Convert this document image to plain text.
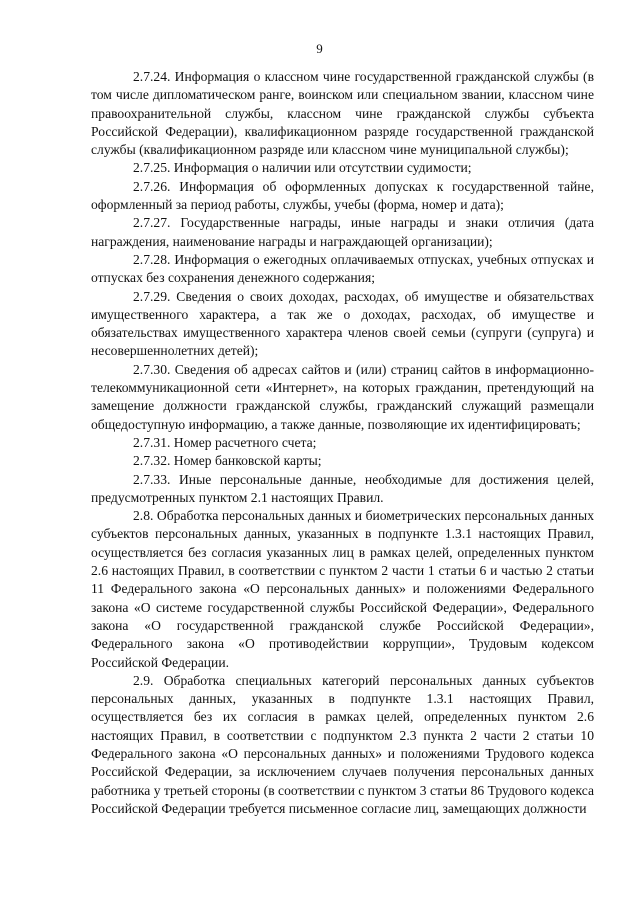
9

2.7.24. Информация о классном чине государственной гражданской службы (в том числе дипломатическом ранге, воинском или специальном звании, классном чине правоохранительной службы, классном чине гражданской службы субъекта Российской Федерации), квалификационном разряде государственной гражданской службы (квалификационном разряде или классном чине муниципальной службы);

2.7.25. Информация о наличии или отсутствии судимости;

2.7.26. Информация об оформленных допусках к государственной тайне, оформленный за период работы, службы, учебы (форма, номер и дата);

2.7.27. Государственные награды, иные награды и знаки отличия (дата награждения, наименование награды и награждающей организации);

2.7.28. Информация о ежегодных оплачиваемых отпусках, учебных отпусках и отпусках без сохранения денежного содержания;

2.7.29. Сведения о своих доходах, расходах, об имуществе и обязательствах имущественного характера, а так же о доходах, расходах, об имуществе и обязательствах имущественного характера членов своей семьи (супруги (супруга) и несовершеннолетних детей);

2.7.30. Сведения об адресах сайтов и (или) страниц сайтов в информационно-телекоммуникационной сети «Интернет», на которых гражданин, претендующий на замещение должности гражданской службы, гражданский служащий размещали общедоступную информацию, а также данные, позволяющие их идентифицировать;

2.7.31. Номер расчетного счета;

2.7.32. Номер банковской карты;

2.7.33. Иные персональные данные, необходимые для достижения целей, предусмотренных пунктом 2.1 настоящих Правил.

2.8. Обработка персональных данных и биометрических персональных данных субъектов персональных данных, указанных в подпункте 1.3.1 настоящих Правил, осуществляется без согласия указанных лиц в рамках целей, определенных пунктом 2.6 настоящих Правил, в соответствии с пунктом 2 части 1 статьи 6 и частью 2 статьи 11 Федерального закона «О персональных данных» и положениями Федерального закона «О системе государственной службы Российской Федерации», Федерального закона «О государственной гражданской службе Российской Федерации», Федерального закона «О противодействии коррупции», Трудовым кодексом Российской Федерации.

2.9. Обработка специальных категорий персональных данных субъектов персональных данных, указанных в подпункте 1.3.1 настоящих Правил, осуществляется без их согласия в рамках целей, определенных пунктом 2.6 настоящих Правил, в соответствии с подпунктом 2.3 пункта 2 части 2 статьи 10 Федерального закона «О персональных данных» и положениями Трудового кодекса Российской Федерации, за исключением случаев получения персональных данных работника у третьей стороны (в соответствии с пунктом 3 статьи 86 Трудового кодекса Российской Федерации требуется письменное согласие лиц, замещающих должности
